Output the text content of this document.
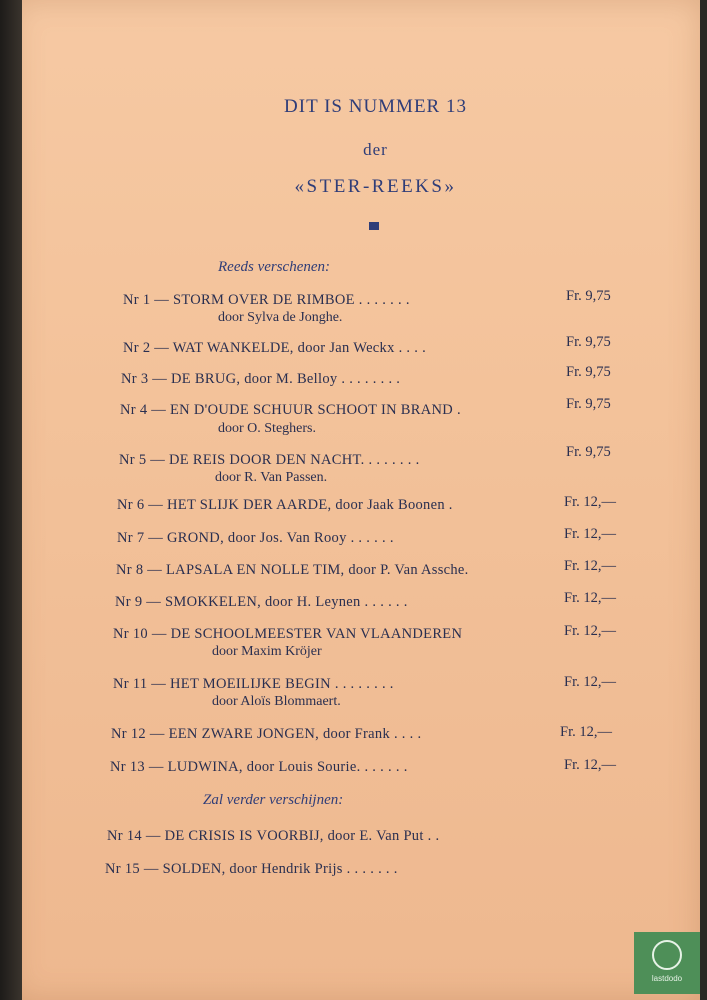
DIT IS NUMMER 13
der
«STER-REEKS»
Reeds verschenen:
Zal verder verschijnen:
Nr 1 — STORM OVER DE RIMBOE . . . . . . .	Fr. 9,75
door Sylva de Jonghe.
Nr 2 — WAT WANKELDE, door Jan Weckx . . . .	Fr. 9,75
Nr 3 — DE BRUG, door M. Belloy . . . . . . . .	Fr. 9,75
Nr 4 — EN D'OUDE SCHUUR SCHOOT IN BRAND .	Fr. 9,75
door O. Steghers.
Nr 5 — DE REIS DOOR DEN NACHT. . . . . . . .	Fr. 9,75
door R. Van Passen.
Nr 6 — HET SLIJK DER AARDE, door Jaak Boonen .	Fr. 12,—
Nr 7 — GROND, door Jos. Van Rooy . . . . . .	Fr. 12,—
Nr 8 — LAPSALA EN NOLLE TIM, door P. Van Assche.	Fr. 12,—
Nr 9 — SMOKKELEN, door H. Leynen . . . . . .	Fr. 12,—
Nr 10 — DE SCHOOLMEESTER VAN VLAANDEREN	Fr. 12,—
door Maxim Kröjer
Nr 11 — HET MOEILIJKE BEGIN . . . . . . . .	Fr. 12,—
door Aloïs Blommaert.
Nr 12 — EEN ZWARE JONGEN, door Frank . . . .	Fr. 12,—
Nr 13 — LUDWINA, door Louis Sourie. . . . . . .	Fr. 12,—
Nr 14 — DE CRISIS IS VOORBIJ, door E. Van Put . .
Nr 15 — SOLDEN, door Hendrik Prijs . . . . . . .
lastdodo
